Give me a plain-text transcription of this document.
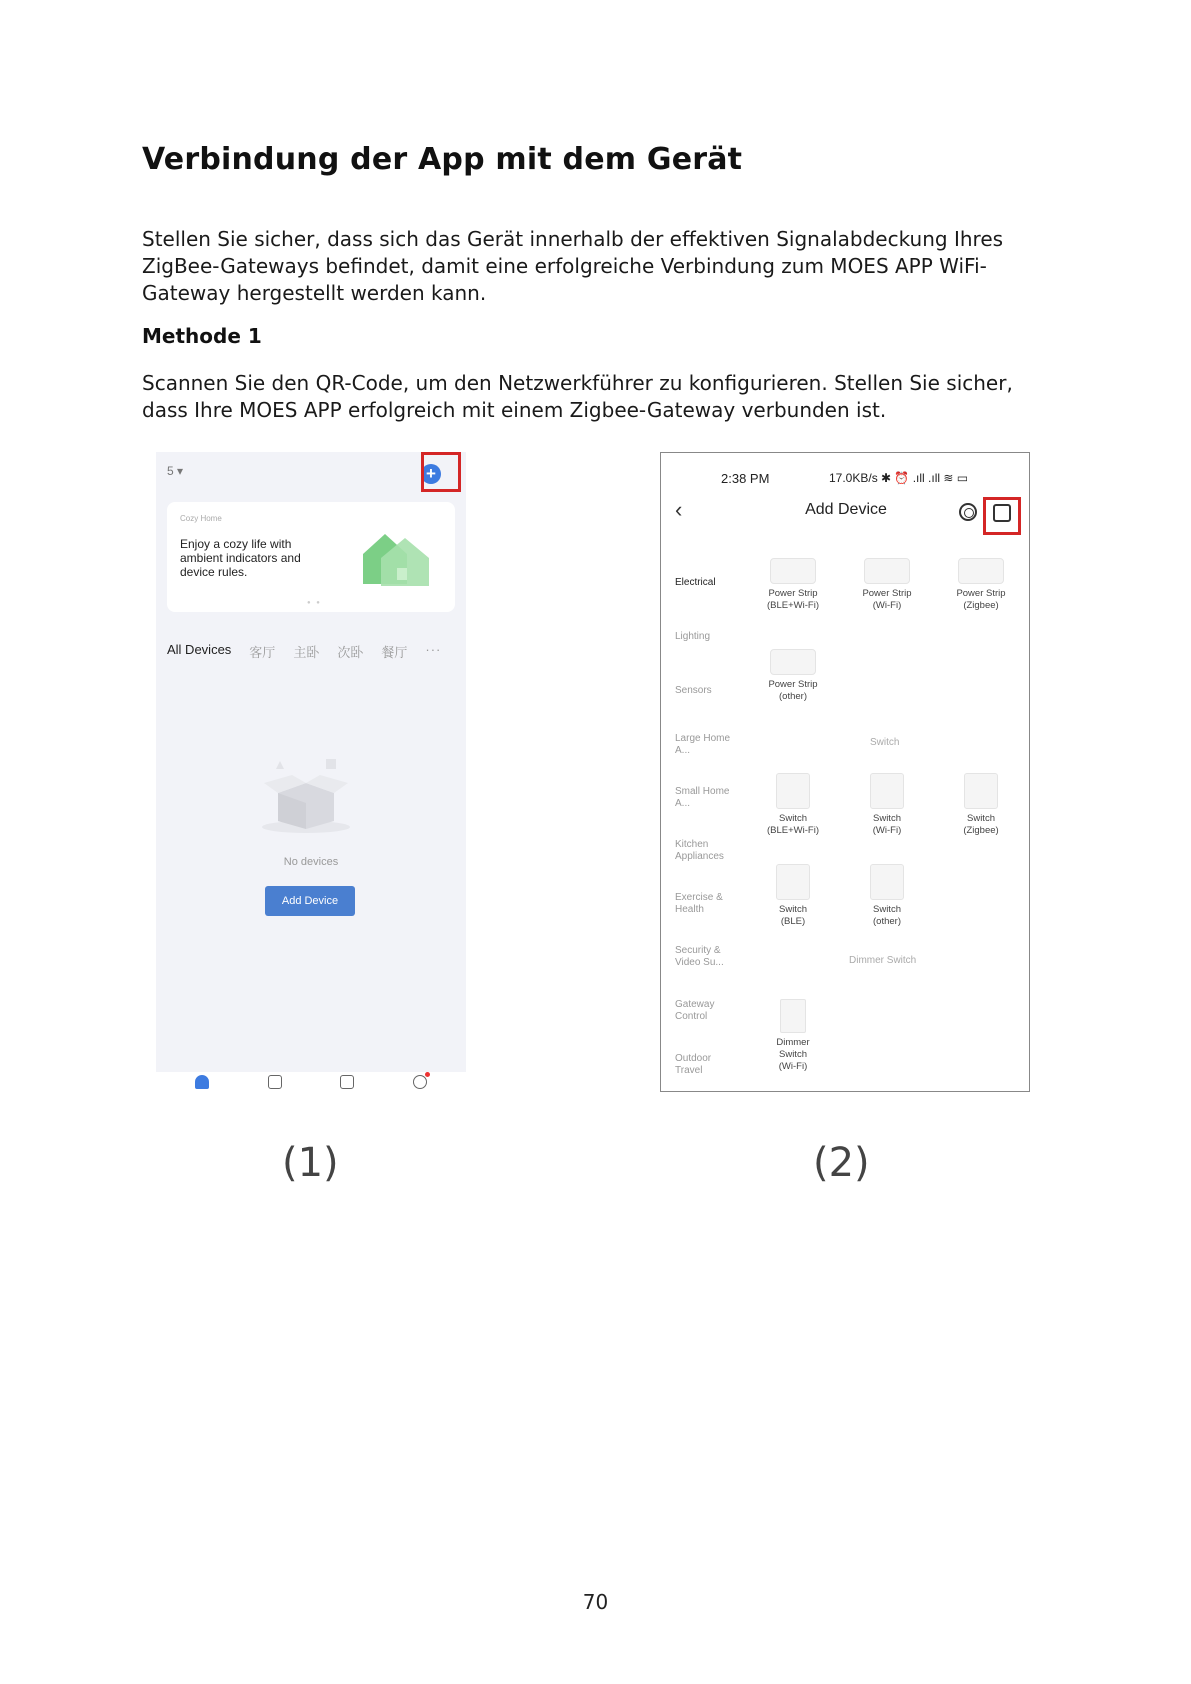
Verbindung der App mit dem Gerät
Stellen Sie sicher, dass sich das Gerät innerhalb der effektiven Signalabdeckung Ihres ZigBee-Gateways befindet, damit eine erfolgreiche Verbindung zum MOES APP WiFi-Gateway hergestellt werden kann.
Methode 1
Scannen Sie den QR-Code, um den Netzwerkführer zu konfigurieren. Stellen Sie sicher, dass Ihre MOES APP erfolgreich mit einem Zigbee-Gateway verbunden ist.
5 ▾	+
Cozy Home
Enjoy a cozy life with ambient indicators and device rules.
● ●
All Devices 客厅 主卧 次卧 餐厅 ···
No devices
Add Device
2:38 PM	17.0KB/s ✱ ⏰ .ıll .ıll ≋ ▭
‹	Add Device
Electrical
Lighting
Sensors
Large Home A...
Small Home A...
Kitchen Appliances
Exercise & Health
Security & Video Su...
Gateway Control
Outdoor Travel
Power Strip
(BLE+Wi-Fi)
Power Strip
(Wi-Fi)
Power Strip
(Zigbee)
Power Strip
(other)
Switch
Switch
(BLE+Wi-Fi)
Switch
(Wi-Fi)
Switch
(Zigbee)
Switch
(BLE)
Switch
(other)
Dimmer Switch
Dimmer
Switch
(Wi-Fi)
(1)	(2)
70
